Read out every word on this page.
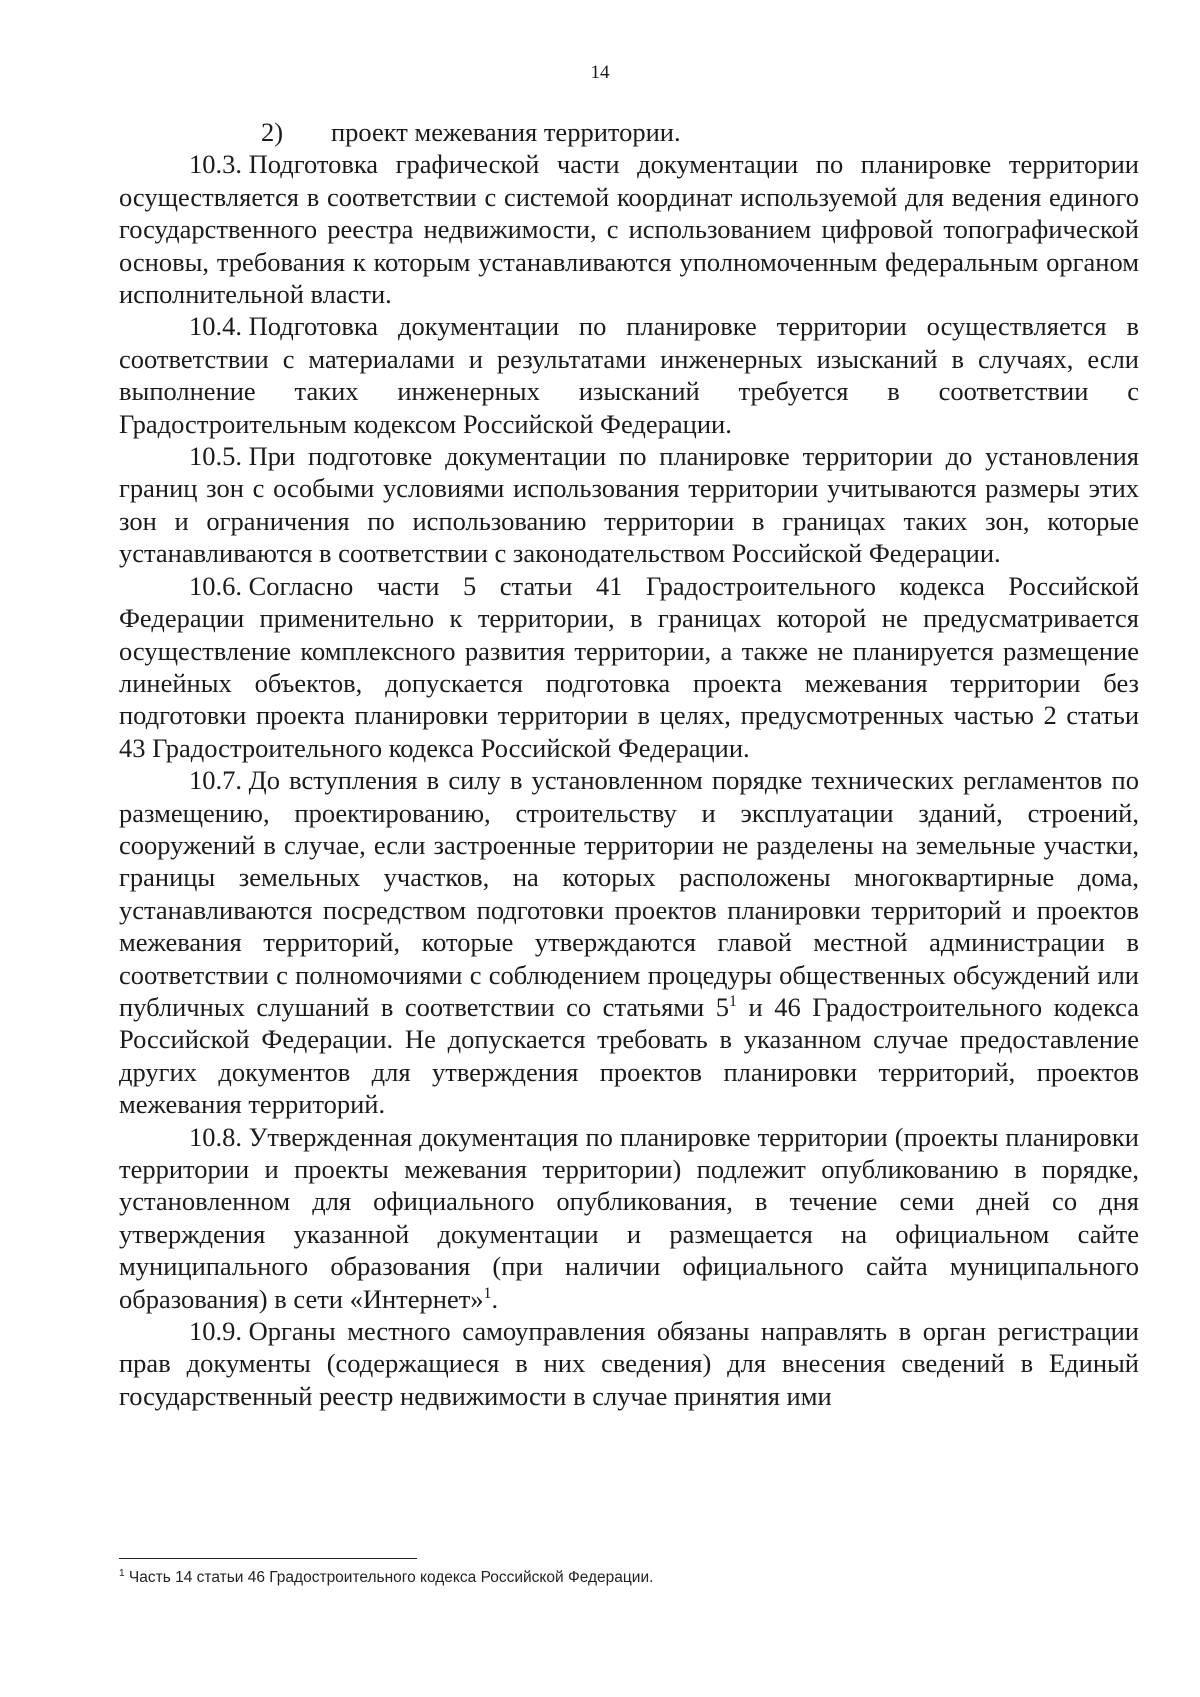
14

2) проект межевания территории.

10.3. Подготовка графической части документации по планировке территории осуществляется в соответствии с системой координат используемой для ведения единого государственного реестра недвижимости, с использованием цифровой топографической основы, требования к которым устанавливаются уполномоченным федеральным органом исполнительной власти.

10.4. Подготовка документации по планировке территории осуществляется в соответствии с материалами и результатами инженерных изысканий в случаях, если выполнение таких инженерных изысканий требуется в соответствии с Градостроительным кодексом Российской Федерации.

10.5. При подготовке документации по планировке территории до установления границ зон с особыми условиями использования территории учитываются размеры этих зон и ограничения по использованию территории в границах таких зон, которые устанавливаются в соответствии с законодательством Российской Федерации.

10.6. Согласно части 5 статьи 41 Градостроительного кодекса Российской Федерации применительно к территории, в границах которой не предусматривается осуществление комплексного развития территории, а также не планируется размещение линейных объектов, допускается подготовка проекта межевания территории без подготовки проекта планировки территории в целях, предусмотренных частью 2 статьи 43 Градостроительного кодекса Российской Федерации.

10.7. До вступления в силу в установленном порядке технических регламентов по размещению, проектированию, строительству и эксплуатации зданий, строений, сооружений в случае, если застроенные территории не разделены на земельные участки, границы земельных участков, на которых расположены многоквартирные дома, устанавливаются посредством подготовки проектов планировки территорий и проектов межевания территорий, которые утверждаются главой местной администрации в соответствии с полномочиями с соблюдением процедуры общественных обсуждений или публичных слушаний в соответствии со статьями $5^1$ и 46 Градостроительного кодекса Российской Федерации. Не допускается требовать в указанном случае предоставление других документов для утверждения проектов планировки территорий, проектов межевания территорий.

10.8. Утвержденная документация по планировке территории (проекты планировки территории и проекты межевания территории) подлежит опубликованию в порядке, установленном для официального опубликования, в течение семи дней со дня утверждения указанной документации и размещается на официальном сайте муниципального образования (при наличии официального сайта муниципального образования) в сети «Интернет»$^1$.

10.9. Органы местного самоуправления обязаны направлять в орган регистрации прав документы (содержащиеся в них сведения) для внесения сведений в Единый государственный реестр недвижимости в случае принятия ими

$^1$ Часть 14 статьи 46 Градостроительного кодекса Российской Федерации.
